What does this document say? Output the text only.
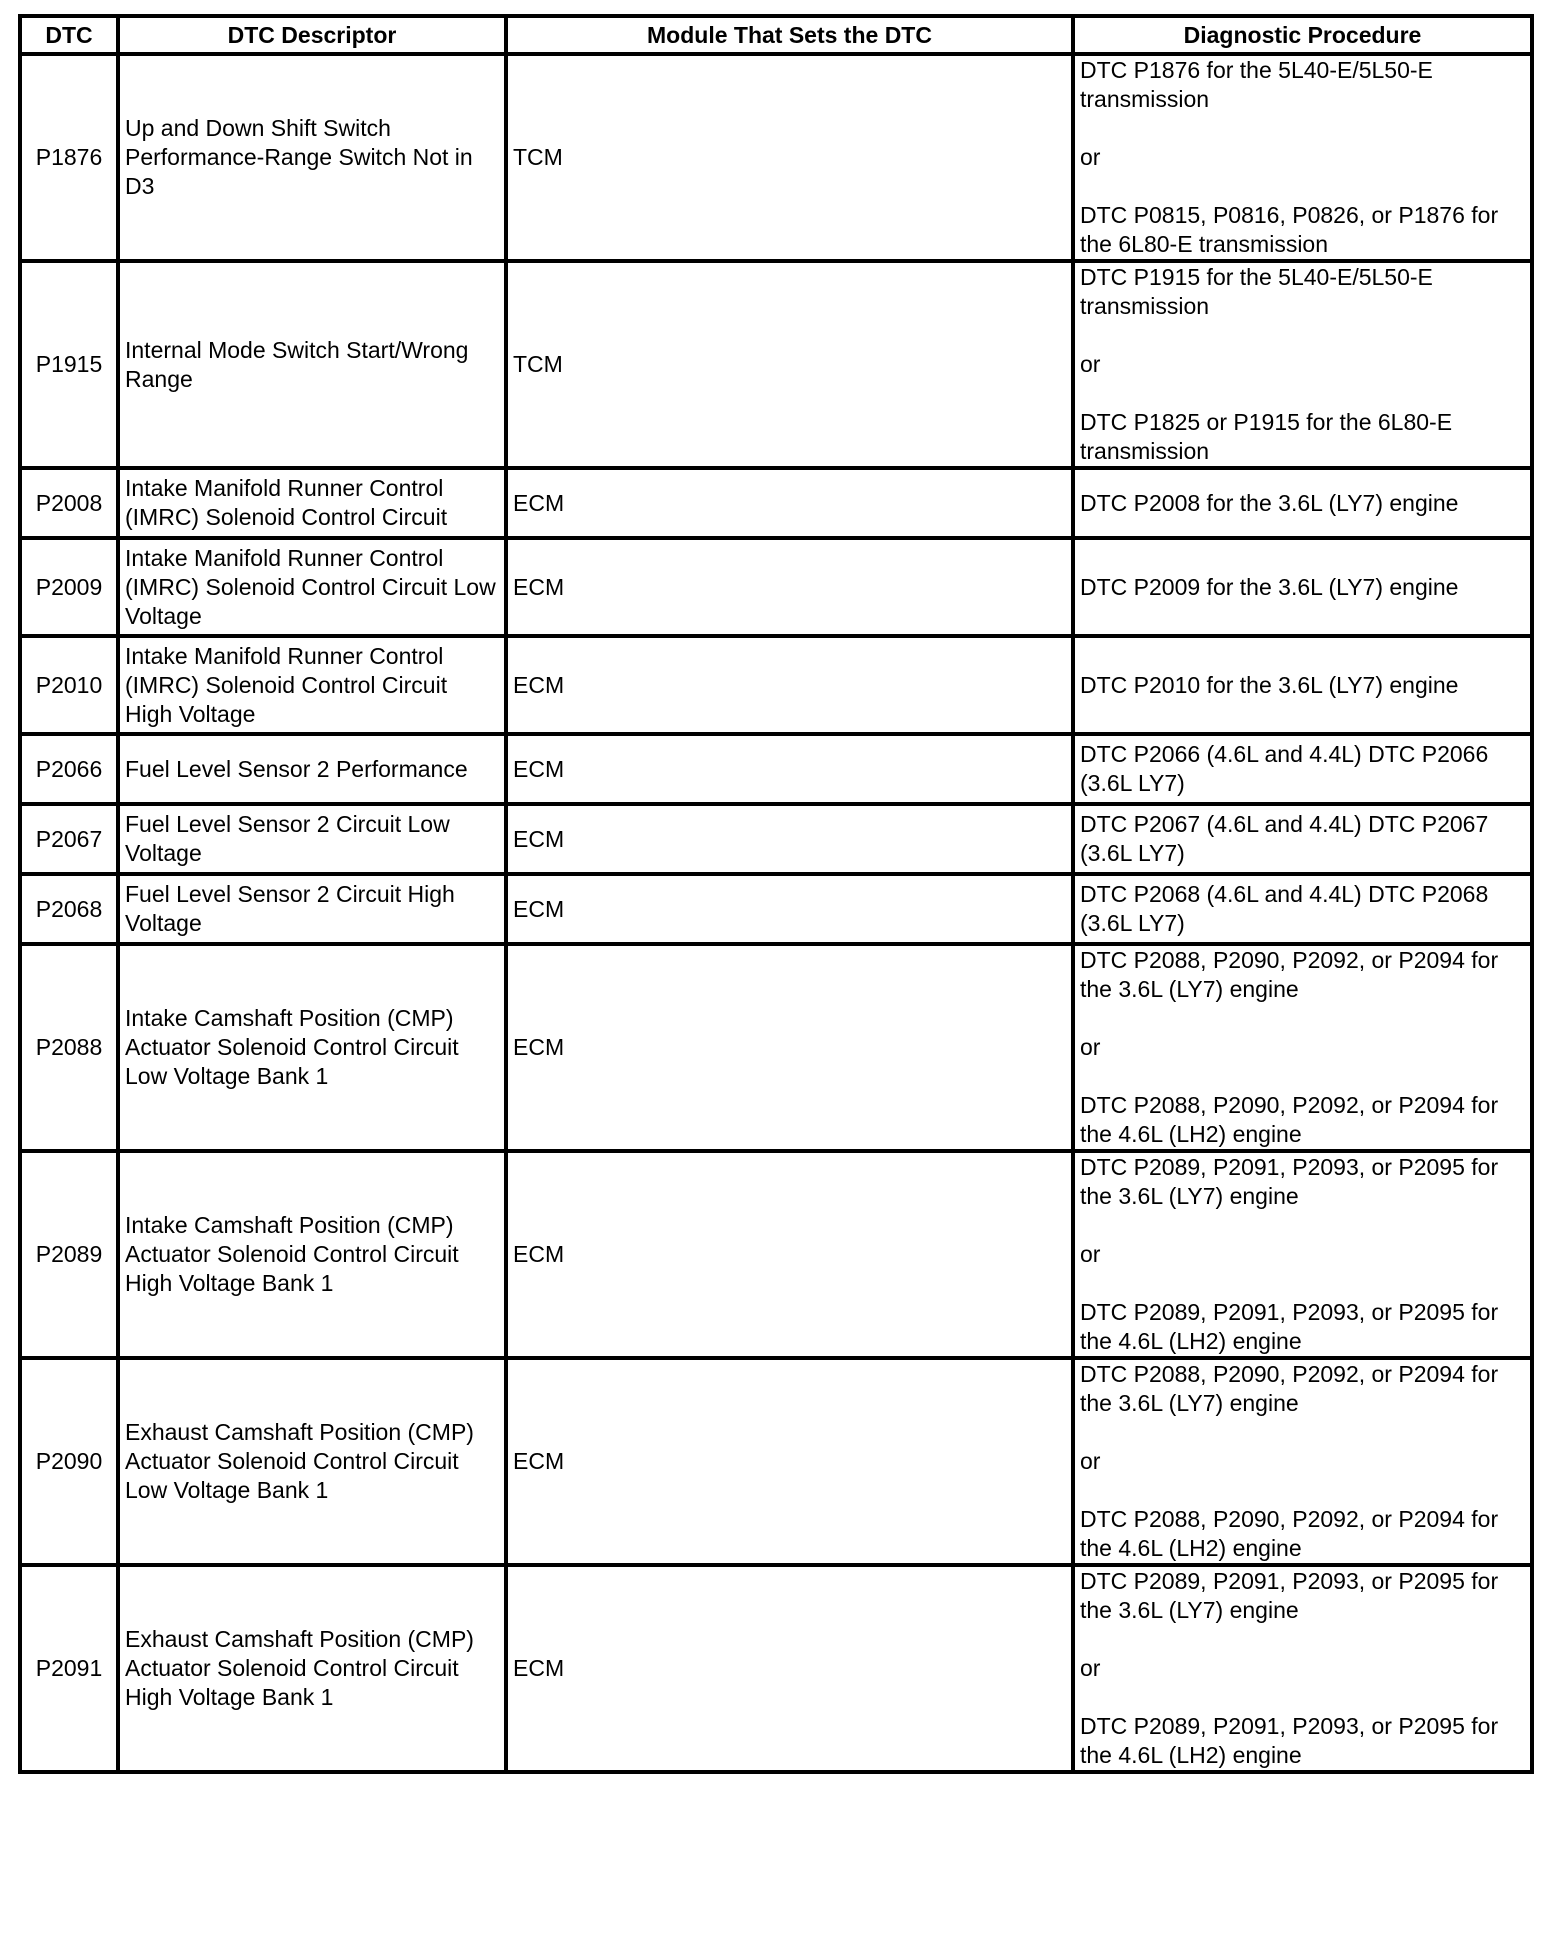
DTC	DTC Descriptor	Module That Sets the DTC	Diagnostic Procedure
P1876	Up and Down Shift Switch Performance-Range Switch Not in D3	TCM	DTC P1876 for the 5L40-E/5L50-E transmission
or
DTC P0815, P0816, P0826, or P1876 for the 6L80-E transmission
P1915	Internal Mode Switch Start/Wrong Range	TCM	DTC P1915 for the 5L40-E/5L50-E transmission
or
DTC P1825 or P1915 for the 6L80-E transmission
P2008	Intake Manifold Runner Control (IMRC) Solenoid Control Circuit	ECM	DTC P2008 for the 3.6L (LY7) engine
P2009	Intake Manifold Runner Control (IMRC) Solenoid Control Circuit Low Voltage	ECM	DTC P2009 for the 3.6L (LY7) engine
P2010	Intake Manifold Runner Control (IMRC) Solenoid Control Circuit High Voltage	ECM	DTC P2010 for the 3.6L (LY7) engine
P2066	Fuel Level Sensor 2 Performance	ECM	DTC P2066 (4.6L and 4.4L) DTC P2066 (3.6L LY7)
P2067	Fuel Level Sensor 2 Circuit Low Voltage	ECM	DTC P2067 (4.6L and 4.4L) DTC P2067 (3.6L LY7)
P2068	Fuel Level Sensor 2 Circuit High Voltage	ECM	DTC P2068 (4.6L and 4.4L) DTC P2068 (3.6L LY7)
P2088	Intake Camshaft Position (CMP) Actuator Solenoid Control Circuit Low Voltage Bank 1	ECM	DTC P2088, P2090, P2092, or P2094 for the 3.6L (LY7) engine
or
DTC P2088, P2090, P2092, or P2094 for the 4.6L (LH2) engine
P2089	Intake Camshaft Position (CMP) Actuator Solenoid Control Circuit High Voltage Bank 1	ECM	DTC P2089, P2091, P2093, or P2095 for the 3.6L (LY7) engine
or
DTC P2089, P2091, P2093, or P2095 for the 4.6L (LH2) engine
P2090	Exhaust Camshaft Position (CMP) Actuator Solenoid Control Circuit Low Voltage Bank 1	ECM	DTC P2088, P2090, P2092, or P2094 for the 3.6L (LY7) engine
or
DTC P2088, P2090, P2092, or P2094 for the 4.6L (LH2) engine
P2091	Exhaust Camshaft Position (CMP) Actuator Solenoid Control Circuit High Voltage Bank 1	ECM	DTC P2089, P2091, P2093, or P2095 for the 3.6L (LY7) engine
or
DTC P2089, P2091, P2093, or P2095 for the 4.6L (LH2) engine
